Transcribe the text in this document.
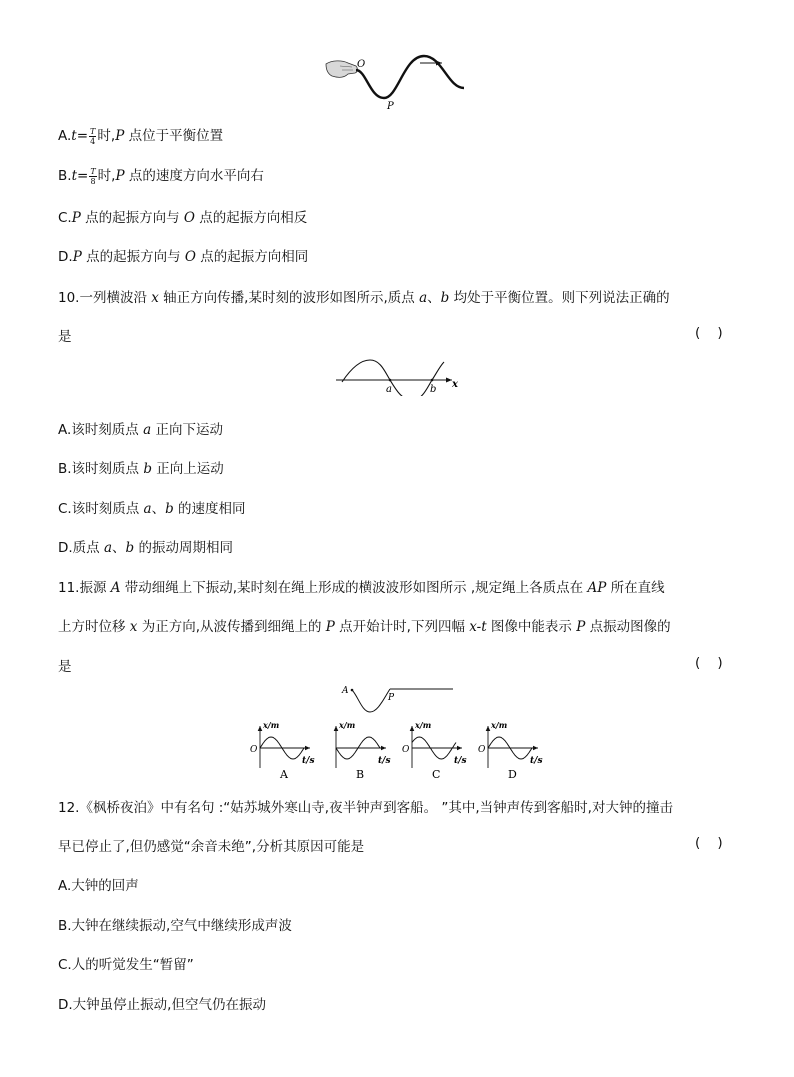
O
P
$A.t= \frac{T}{4}$ 时,P 点位于平衡位置
$B.t= \frac{T}{8}$ 时,P 点的速度方向水平向右
C.P 点的起振方向与 O 点的起振方向相反
D.P 点的起振方向与 O 点的起振方向相同
10.一列横波沿 x 轴正方向传播,某时刻的波形如图所示,质点 a、b 均处于平衡位置。则下列说法正确的
是	(    )
a	b x
A.该时刻质点 a 正向下运动
B.该时刻质点 b 正向上运动
C.该时刻质点 a、b 的速度相同
D.质点 a、b 的振动周期相同
11.振源 A 带动细绳上下振动,某时刻在绳上形成的横波波形如图所示 ,规定绳上各质点在 AP 所在直线
上方时位移 x 为正方向,从波传播到细绳上的 P 点开始计时,下列四幅 x-t 图像中能表示 P 点振动图像的
是	(    )
A
P
x/m
t/s
O
A
x/m
t/s
B
x/m
t/s
O
C
x/m
t/s
O
D
12.《枫桥夜泊》中有名句 :“姑苏城外寒山寺,夜半钟声到客船。 ”其中,当钟声传到客船时,对大钟的撞击
早已停止了,但仍感觉“余音未绝”,分析其原因可能是	(    )
A.大钟的回声
B.大钟在继续振动,空气中继续形成声波
C.人的听觉发生“暂留”
D.大钟虽停止振动,但空气仍在振动
